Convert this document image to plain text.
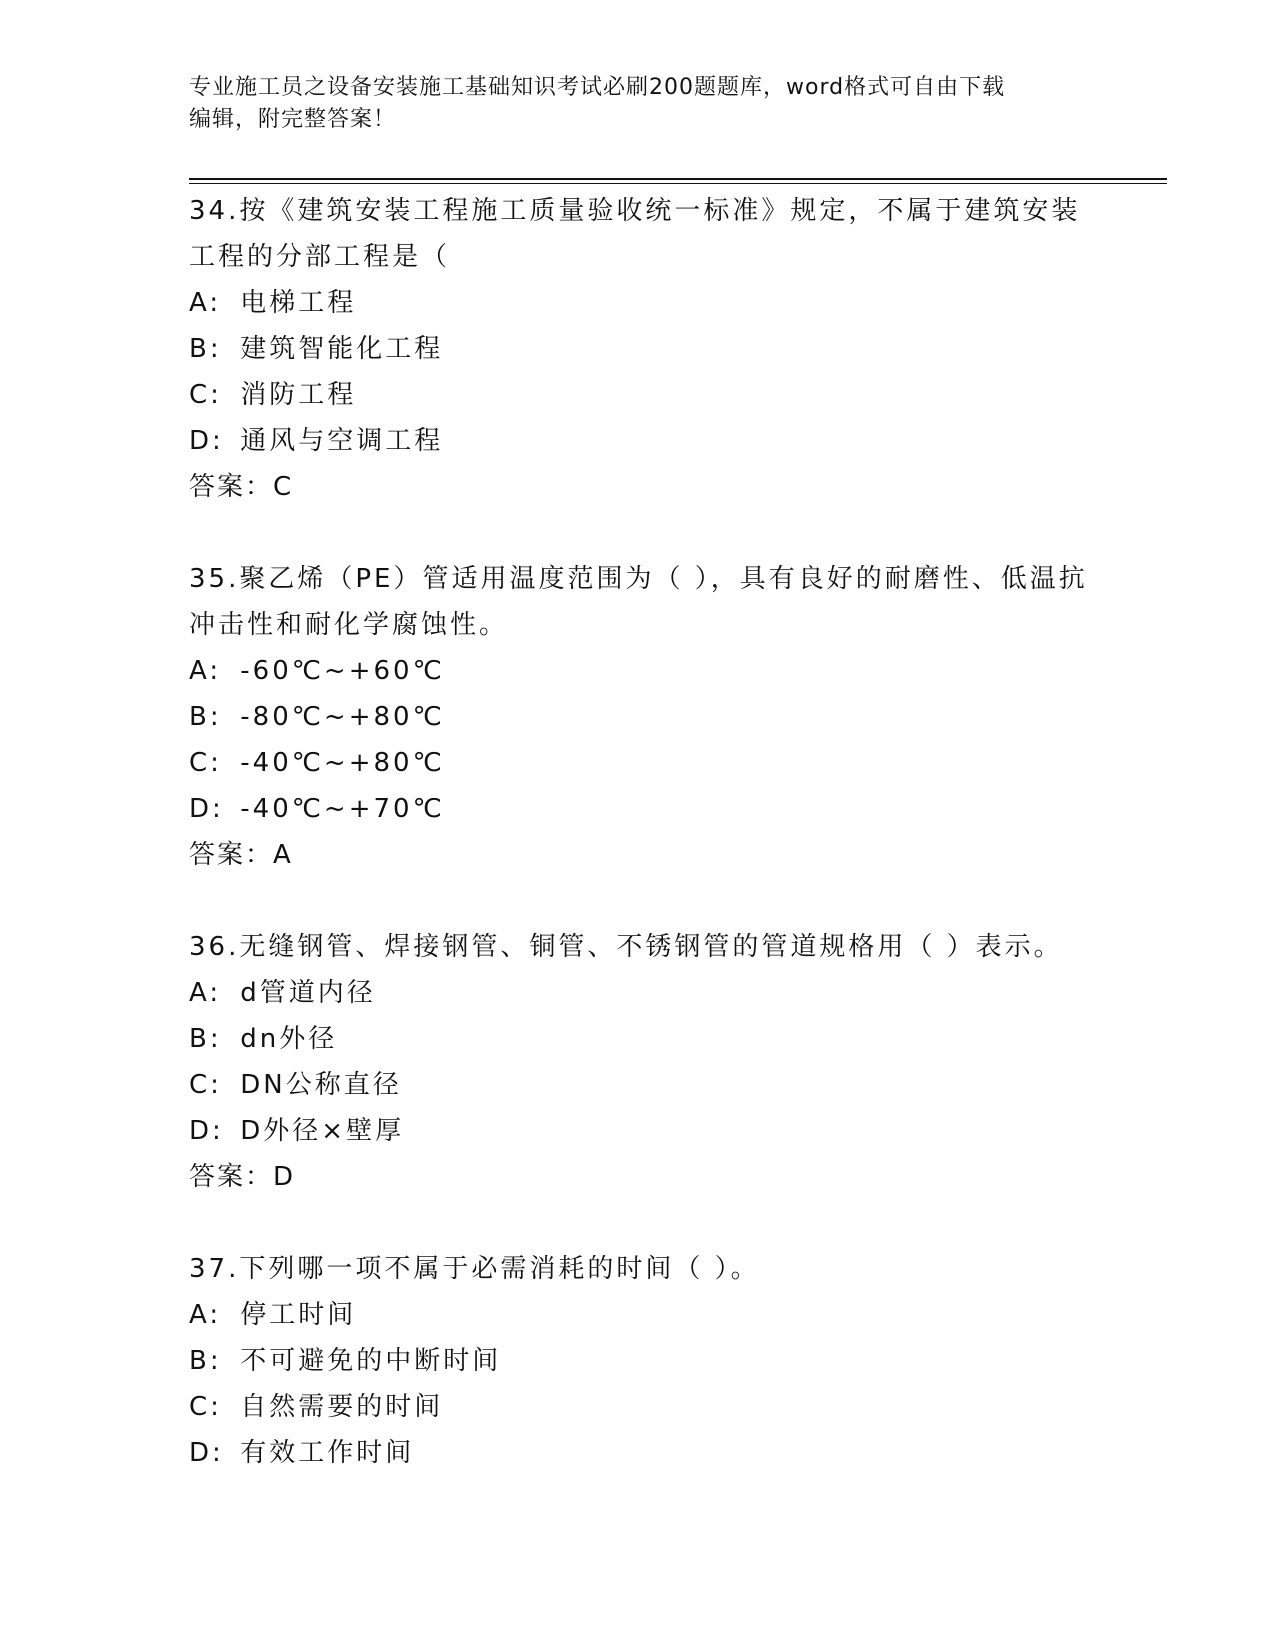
专业施工员之设备安装施工基础知识考试必刷200题题库，word格式可自由下载
编辑，附完整答案！

34.按《建筑安装工程施工质量验收统一标准》规定，不属于建筑安装工程的分部工程是（

A: 电梯工程

B: 建筑智能化工程

C: 消防工程

D: 通风与空调工程

答案：C

35.聚乙烯（PE）管适用温度范围为（ ），具有良好的耐磨性、低温抗冲击性和耐化学腐蚀性。

A: -60℃~+60℃

B: -80℃~+80℃

C: -40℃~+80℃

D: -40℃~+70℃

答案：A

36.无缝钢管、焊接钢管、铜管、不锈钢管的管道规格用（ ）表示。

A: d管道内径

B: dn外径

C: DN公称直径

D: D外径×壁厚

答案：D

37.下列哪一项不属于必需消耗的时间（ ）。

A: 停工时间

B: 不可避免的中断时间

C: 自然需要的时间

D: 有效工作时间
